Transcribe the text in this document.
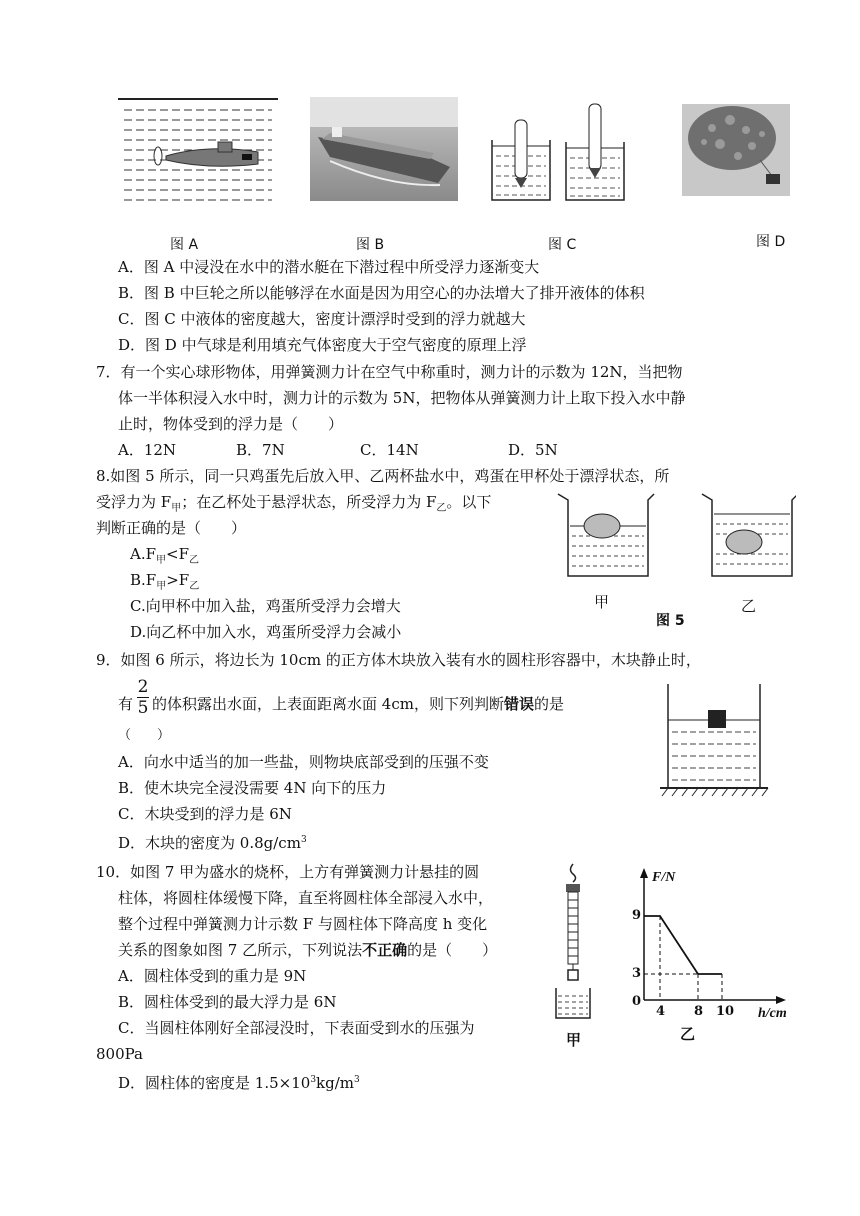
图 A	图 B	图 C	图 D
A．图 A 中浸没在水中的潜水艇在下潜过程中所受浮力逐渐变大
B．图 B 中巨轮之所以能够浮在水面是因为用空心的办法增大了排开液体的体积
C．图 C 中液体的密度越大，密度计漂浮时受到的浮力就越大
D．图 D 中气球是利用填充气体密度大于空气密度的原理上浮
7．有一个实心球形物体，用弹簧测力计在空气中称重时，测力计的示数为 12N，当把物
体一半体积浸入水中时，测力计的示数为 5N，把物体从弹簧测力计上取下投入水中静
止时，物体受到的浮力是（　　）
A．12N	B．7N	C．14N	D．5N
8.如图 5 所示，同一只鸡蛋先后放入甲、乙两杯盐水中，鸡蛋在甲杯处于漂浮状态，所
受浮力为 $F_甲$；在乙杯处于悬浮状态，所受浮力为 $F_乙$。以下
判断正确的是（　　）
$A.F_甲<F_乙$
$B.F_甲>F_乙$
C.向甲杯中加入盐，鸡蛋所受浮力会增大
D.向乙杯中加入水，鸡蛋所受浮力会减小
甲	乙
图 5
9．如图 6 所示，将边长为 10cm 的正方体木块放入装有水的圆柱形容器中，木块静止时，
有
2
5 的体积露出水面，上表面距离水面 4cm，则下列判断错误的是
（　　）
A．向水中适当的加一些盐，则物块底部受到的压强不变
B．使木块完全浸没需要 4N 向下的压力
C．木块受到的浮力是 6N
D．木块的密度为 $0.8g/cm^3$
10．如图 7 甲为盛水的烧杯，上方有弹簧测力计悬挂的圆
柱体，将圆柱体缓慢下降，直至将圆柱体全部浸入水中，
整个过程中弹簧测力计示数 F 与圆柱体下降高度 h 变化
关系的图象如图 7 乙所示，下列说法不正确的是（　　）
A．圆柱体受到的重力是 9N
B．圆柱体受到的最大浮力是 6N
C．当圆柱体刚好全部浸没时，下表面受到水的压强为
800Pa
D．圆柱体的密度是 $1.5\times 10^3kg/m^3$
甲
F/N
h/cm
9
3
0
4 8 10
乙
